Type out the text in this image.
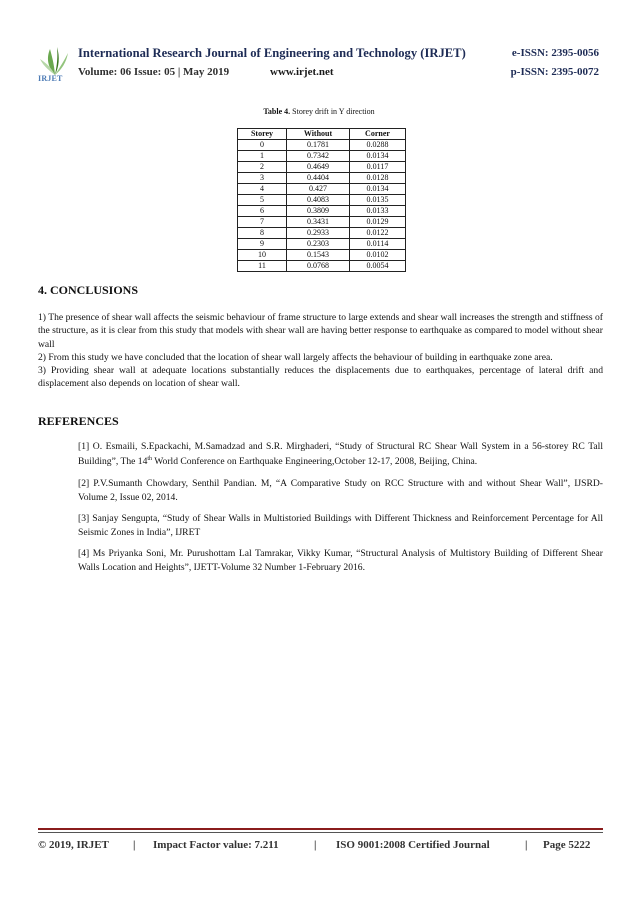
IRJET
International Research Journal of Engineering and Technology (IRJET)	e-ISSN: 2395-0056
Volume: 06 Issue: 05 | May 2019	www.irjet.net	p-ISSN: 2395-0072
Table 4. Storey drift in Y direction
Storey	Without	Corner
0	0.1781	0.0288
1	0.7342	0.0134
2	0.4649	0.0117
3	0.4404	0.0128
4	0.427	0.0134
5	0.4083	0.0135
6	0.3809	0.0133
7	0.3431	0.0129
8	0.2933	0.0122
9	0.2303	0.0114
10	0.1543	0.0102
11	0.0768	0.0054
4. CONCLUSIONS

1) The presence of shear wall affects the seismic behaviour of frame structure to large extends and shear wall increases the strength and stiffness of the structure, as it is clear from this study that models with shear wall are having better response to earthquake as compared to model without shear wall

2) From this study we have concluded that the location of shear wall largely affects the behaviour of building in earthquake zone area.

3) Providing shear wall at adequate locations substantially reduces the displacements due to earthquakes, percentage of lateral drift and displacement also depends on location of shear wall.

REFERENCES

[1] O. Esmaili, S.Epackachi, M.Samadzad and S.R. Mirghaderi, “Study of Structural RC Shear Wall System in a 56-storey RC Tall Building”, The 14th World Conference on Earthquake Engineering,October 12-17, 2008, Beijing, China.

[2] P.V.Sumanth Chowdary, Senthil Pandian. M, “A Comparative Study on RCC Structure with and without Shear Wall”, IJSRD-Volume 2, Issue 02, 2014.

[3] Sanjay Sengupta, “Study of Shear Walls in Multistoried Buildings with Different Thickness and Reinforcement Percentage for All Seismic Zones in India”, IJRET

[4] Ms Priyanka Soni, Mr. Purushottam Lal Tamrakar, Vikky Kumar, “Structural Analysis of Multistory Building of Different Shear Walls Location and Heights”, IJETT-Volume 32 Number 1-February 2016.

© 2019, IRJET | Impact Factor value: 7.211	| ISO 9001:2008 Certified Journal	| Page 5222
